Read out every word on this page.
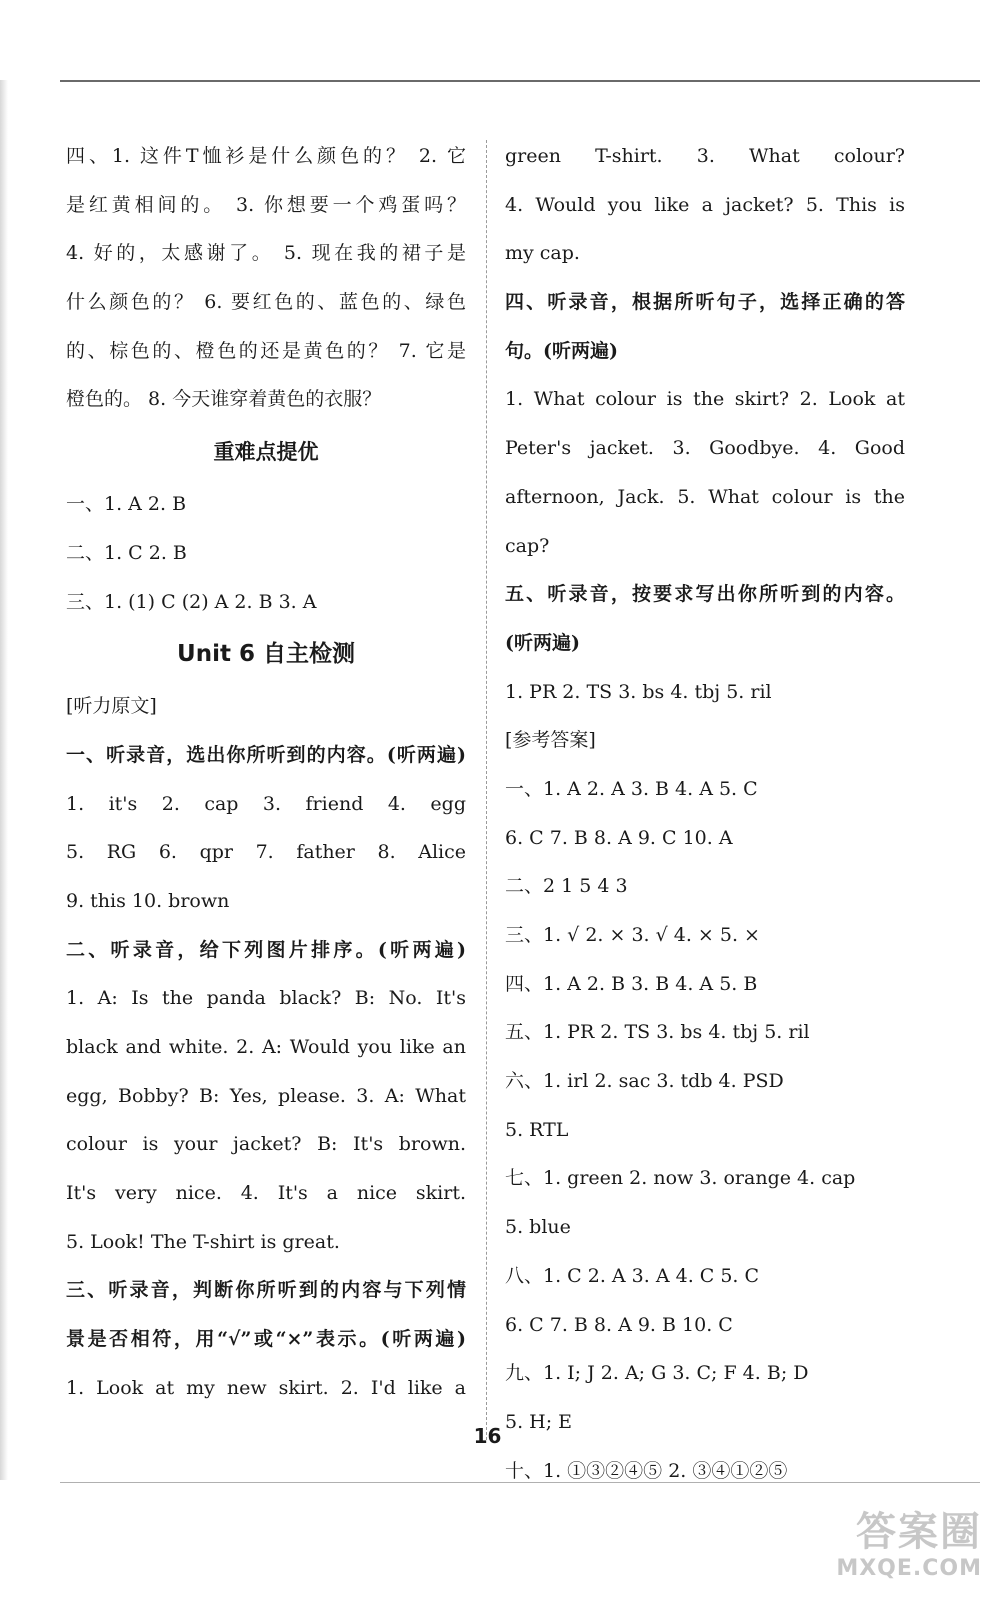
四、1. 这件T恤衫是什么颜色的？ 2. 它
是红黄相间的。 3. 你想要一个鸡蛋吗？
4. 好的，太感谢了。 5. 现在我的裙子是
什么颜色的？ 6. 要红色的、蓝色的、绿色
的、棕色的、橙色的还是黄色的？ 7. 它是
橙色的。 8. 今天谁穿着黄色的衣服？
重难点提优
一、1. A 2. B
二、1. C 2. B
三、1. (1) C (2) A 2. B 3. A
Unit 6 自主检测
[听力原文]
一、听录音，选出你所听到的内容。(听两遍)
1. it's 2. cap 3. friend 4. egg
5. RG 6. qpr 7. father 8. Alice
9. this 10. brown
二、听录音，给下列图片排序。(听两遍)
1. A: Is the panda black? B: No. It's
black and white. 2. A: Would you like an
egg, Bobby? B: Yes, please. 3. A: What
colour is your jacket? B: It's brown.
It's very nice. 4. It's a nice skirt.
5. Look! The T-shirt is great.
三、听录音，判断你所听到的内容与下列情
景是否相符，用“√”或“×”表示。(听两遍)
1. Look at my new skirt. 2. I'd like a
green T-shirt. 3. What colour?
4. Would you like a jacket? 5. This is
my cap.
四、听录音，根据所听句子，选择正确的答
句。(听两遍)
1. What colour is the skirt? 2. Look at
Peter's jacket. 3. Goodbye. 4. Good
afternoon, Jack. 5. What colour is the
cap?
五、听录音，按要求写出你所听到的内容。
(听两遍)
1. PR 2. TS 3. bs 4. tbj 5. ril
[参考答案]
一、1. A 2. A 3. B 4. A 5. C
6. C 7. B 8. A 9. C 10. A
二、2 1 5 4 3
三、1. √ 2. × 3. √ 4. × 5. ×
四、1. A 2. B 3. B 4. A 5. B
五、1. PR 2. TS 3. bs 4. tbj 5. ril
六、1. irl 2. sac 3. tdb 4. PSD
5. RTL
七、1. green 2. now 3. orange 4. cap
5. blue
八、1. C 2. A 3. A 4. C 5. C
6. C 7. B 8. A 9. B 10. C
九、1. I; J 2. A; G 3. C; F 4. B; D
5. H; E
十、1. ①③②④⑤ 2. ③④①②⑤
16
答案圈
MXQE.COM
